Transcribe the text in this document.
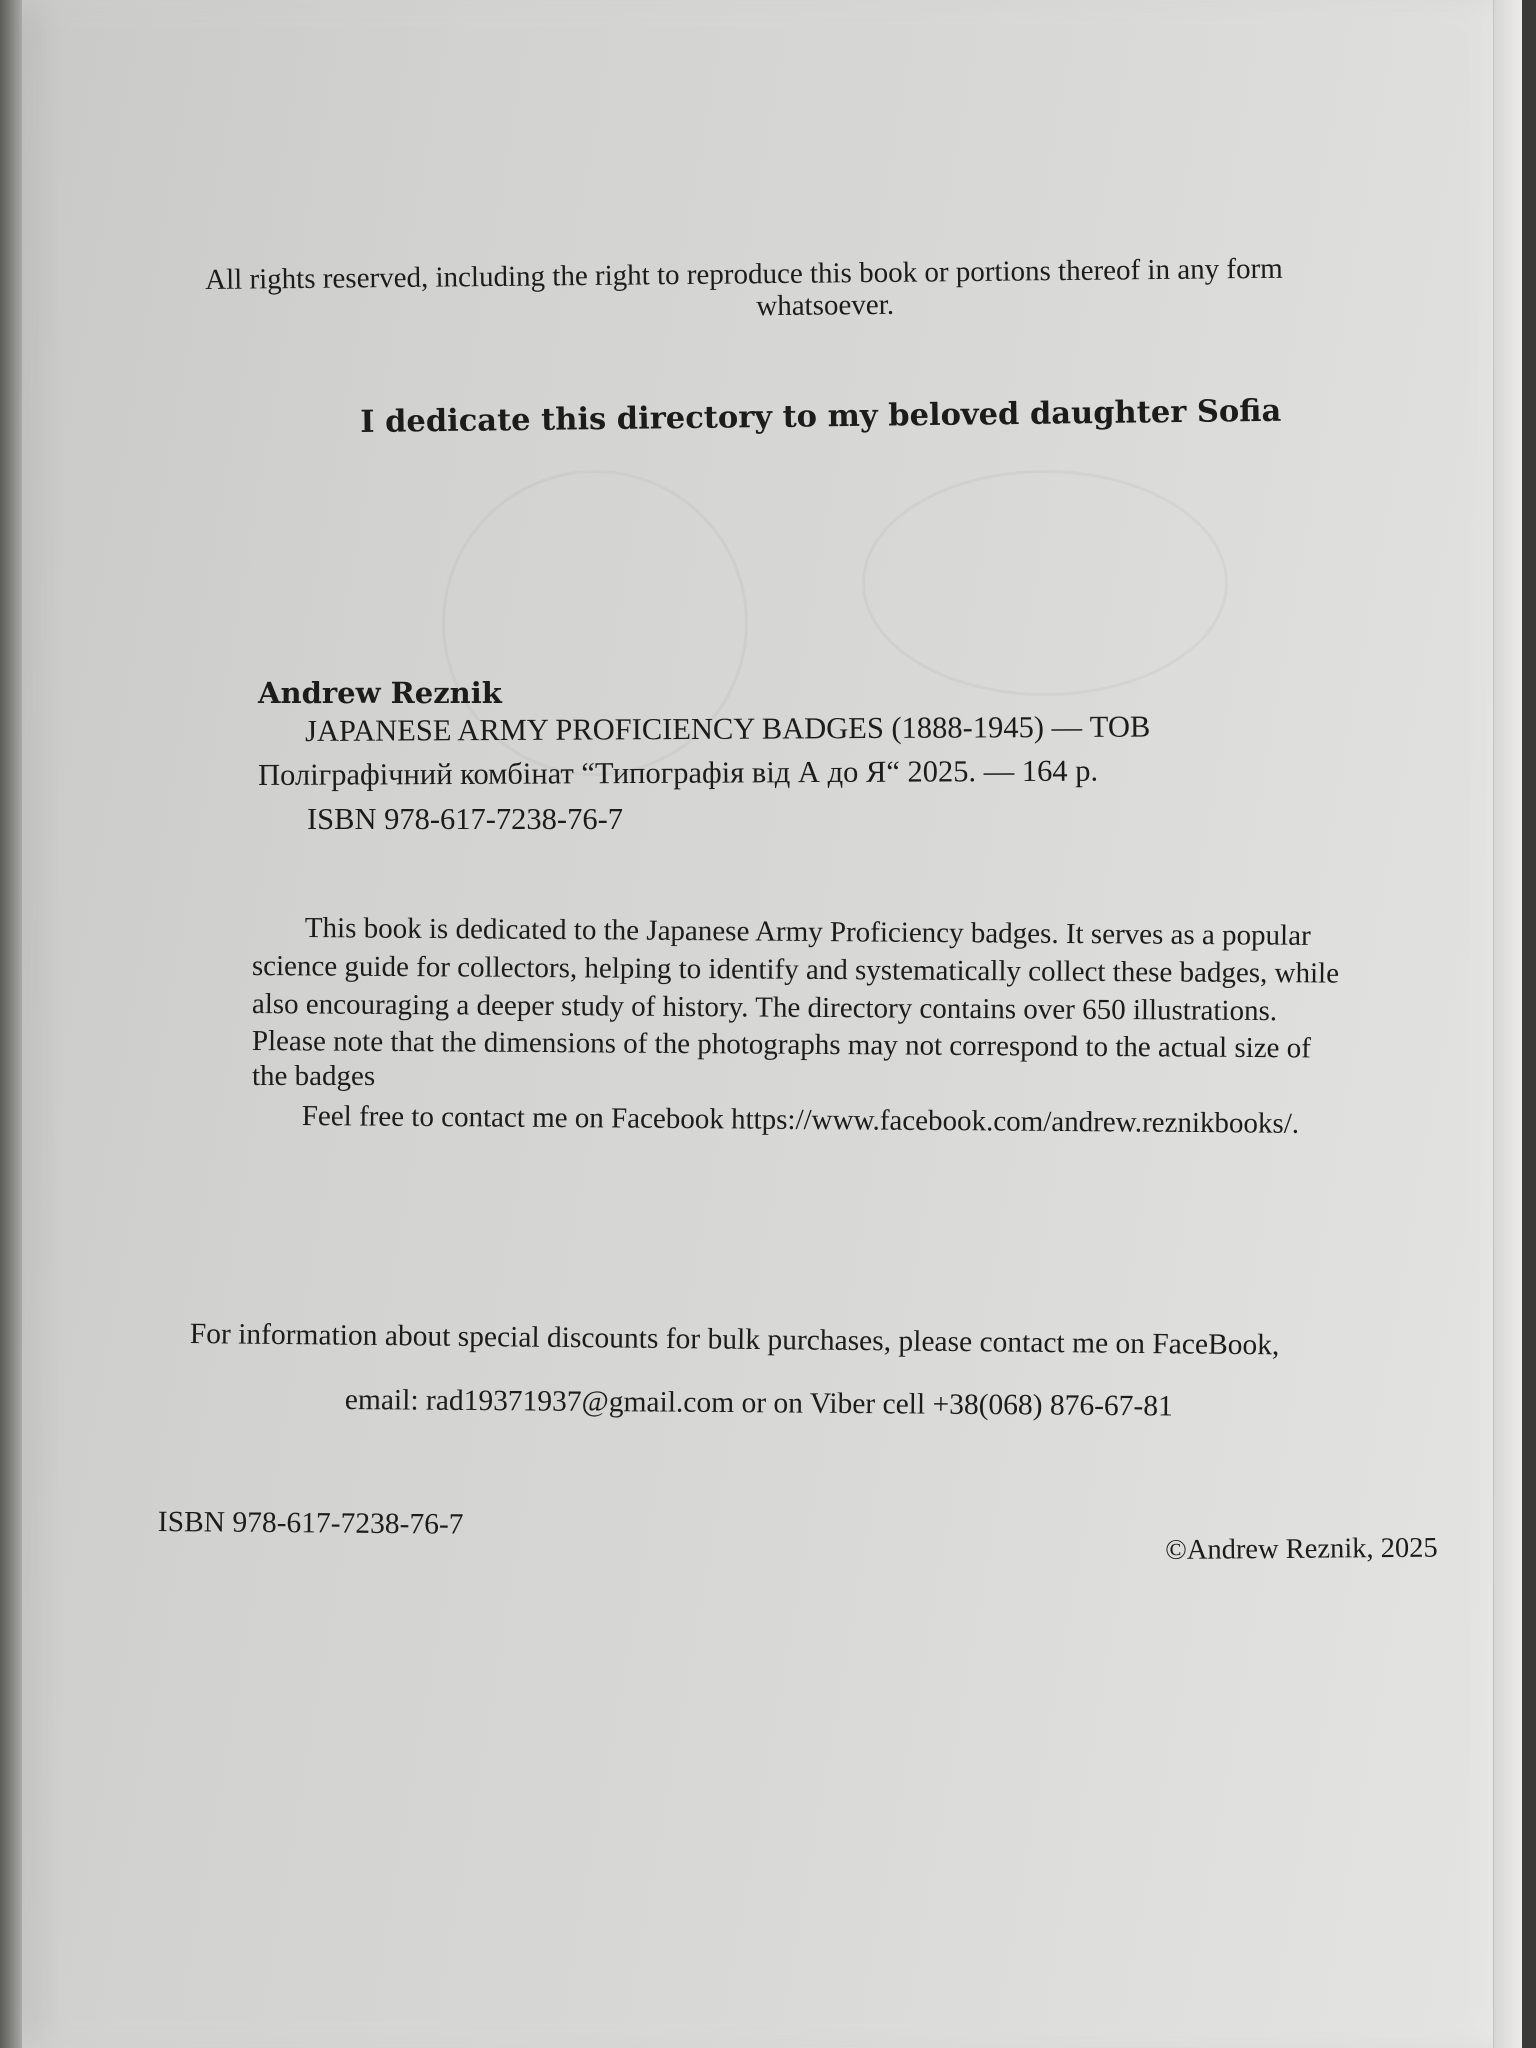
All rights reserved, including the right to reproduce this book or portions thereof in any form
whatsoever.
I dedicate this directory to my beloved daughter Sofia
Andrew Reznik
JAPANESE ARMY PROFICIENCY BADGES (1888-1945) — ТОВ
Поліграфічний комбінат “Типографія від А до Я“ 2025. — 164 p.
ISBN 978-617-7238-76-7
This book is dedicated to the Japanese Army Proficiency badges. It serves as a popular
science guide for collectors, helping to identify and systematically collect these badges, while
also encouraging a deeper study of history. The directory contains over 650 illustrations.
Please note that the dimensions of the photographs may not correspond to the actual size of
the badges
Feel free to contact me on Facebook https://www.facebook.com/andrew.reznikbooks/.
For information about special discounts for bulk purchases, please contact me on FaceBook,
email: rad19371937@gmail.com or on Viber cell +38(068) 876-67-81
ISBN 978-617-7238-76-7
©Andrew Reznik, 2025
